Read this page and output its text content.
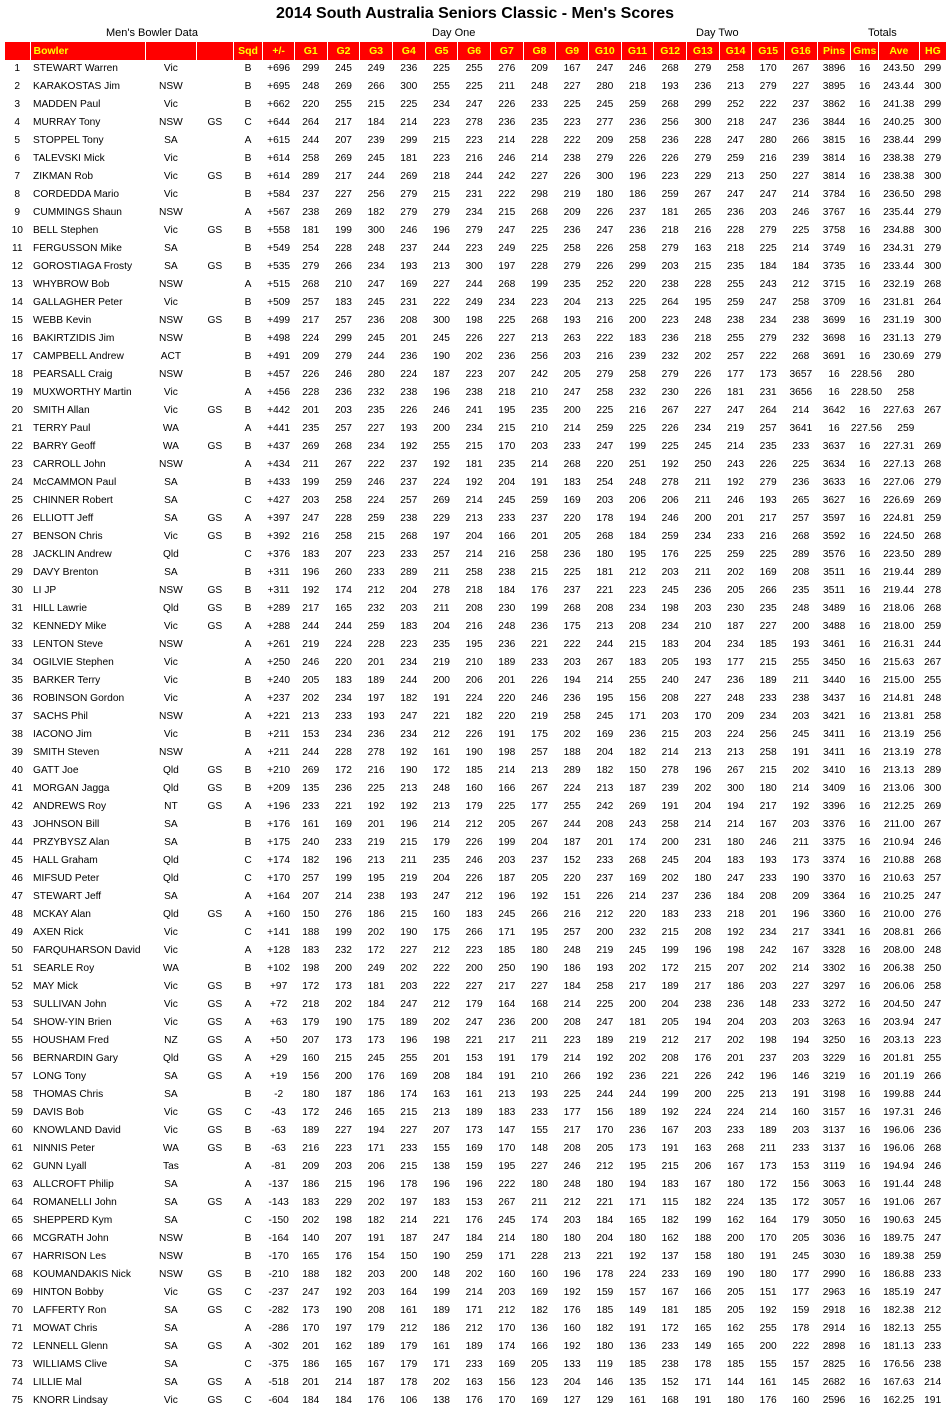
2014 South Australia Seniors Classic - Men's Scores
Men's Bowler Data	Day One	Day Two	Totals
	Bowler			Sqd	+/-	G1	G2	G3	G4	G5	G6	G7	G8	G9	G10	G11	G12	G13	G14	G15	G16	Pins	Gms	Ave	HG
1	STEWART Warren	Vic		B	+696	299	245	249	236	225	255	276	209	167	247	246	268	279	258	170	267	3896	16	243.50	299
2	KARAKOSTAS Jim	NSW		B	+695	248	269	266	300	255	225	211	248	227	280	218	193	236	213	279	227	3895	16	243.44	300
3	MADDEN Paul	Vic		B	+662	220	255	215	225	234	247	226	233	225	245	259	268	299	252	222	237	3862	16	241.38	299
4	MURRAY Tony	NSW	GS	C	+644	264	217	184	214	223	278	236	235	223	277	236	256	300	218	247	236	3844	16	240.25	300
5	STOPPEL Tony	SA		A	+615	244	207	239	299	215	223	214	228	222	209	258	236	228	247	280	266	3815	16	238.44	299
6	TALEVSKI Mick	Vic		B	+614	258	269	245	181	223	216	246	214	238	279	226	226	279	259	216	239	3814	16	238.38	279
7	ZIKMAN Rob	Vic	GS	B	+614	289	217	244	269	218	244	242	227	226	300	196	223	229	213	250	227	3814	16	238.38	300
8	CORDEDDA Mario	Vic		B	+584	237	227	256	279	215	231	222	298	219	180	186	259	267	247	247	214	3784	16	236.50	298
9	CUMMINGS Shaun	NSW		A	+567	238	269	182	279	279	234	215	268	209	226	237	181	265	236	203	246	3767	16	235.44	279
10	BELL Stephen	Vic	GS	B	+558	181	199	300	246	196	279	247	225	236	247	236	218	216	228	279	225	3758	16	234.88	300
11	FERGUSSON Mike	SA		B	+549	254	228	248	237	244	223	249	225	258	226	258	279	163	218	225	214	3749	16	234.31	279
12	GOROSTIAGA Frosty	SA	GS	B	+535	279	266	234	193	213	300	197	228	279	226	299	203	215	235	184	184	3735	16	233.44	300
13	WHYBROW Bob	NSW		A	+515	268	210	247	169	227	244	268	199	235	252	220	238	228	255	243	212	3715	16	232.19	268
14	GALLAGHER Peter	Vic		B	+509	257	183	245	231	222	249	234	223	204	213	225	264	195	259	247	258	3709	16	231.81	264
15	WEBB Kevin	NSW	GS	B	+499	217	257	236	208	300	198	225	268	193	216	200	223	248	238	234	238	3699	16	231.19	300
16	BAKIRTZIDIS Jim	NSW		B	+498	224	299	245	201	245	226	227	213	263	222	183	236	218	255	279	232	3698	16	231.13	279
17	CAMPBELL Andrew	ACT		B	+491	209	279	244	236	190	202	236	256	203	216	239	232	202	257	222	268	3691	16	230.69	279
18	PEARSALL Craig	NSW		B	+457	226	246	280	224	187	223	207	242	205	279	258	279	226	177	173	3657	16	228.56	280	
19	MUXWORTHY Martin	Vic		A	+456	228	236	232	238	196	238	218	210	247	258	232	230	226	181	231	3656	16	228.50	258	
20	SMITH Allan	Vic	GS	B	+442	201	203	235	226	246	241	195	235	200	225	216	267	227	247	264	214	3642	16	227.63	267
21	TERRY Paul	WA		A	+441	235	257	227	193	200	234	215	210	214	259	225	226	234	219	257	3641	16	227.56	259	
22	BARRY Geoff	WA	GS	B	+437	269	268	234	192	255	215	170	203	233	247	199	225	245	214	235	233	3637	16	227.31	269
23	CARROLL John	NSW		A	+434	211	267	222	237	192	181	235	214	268	220	251	192	250	243	226	225	3634	16	227.13	268
24	McCAMMON Paul	SA		B	+433	199	259	246	237	224	192	204	191	183	254	248	278	211	192	279	236	3633	16	227.06	279
25	CHINNER Robert	SA		C	+427	203	258	224	257	269	214	245	259	169	203	206	206	211	246	193	265	3627	16	226.69	269
26	ELLIOTT Jeff	SA	GS	A	+397	247	228	259	238	229	213	233	237	220	178	194	246	200	201	217	257	3597	16	224.81	259
27	BENSON Chris	Vic	GS	B	+392	216	258	215	268	197	204	166	201	205	268	184	259	234	233	216	268	3592	16	224.50	268
28	JACKLIN Andrew	Qld		C	+376	183	207	223	233	257	214	216	258	236	180	195	176	225	259	225	289	3576	16	223.50	289
29	DAVY Brenton	SA		B	+311	196	260	233	289	211	258	238	215	225	181	212	203	211	202	169	208	3511	16	219.44	289
30	LI JP	NSW	GS	B	+311	192	174	212	204	278	218	184	176	237	221	223	245	236	205	266	235	3511	16	219.44	278
31	HILL Lawrie	Qld	GS	B	+289	217	165	232	203	211	208	230	199	268	208	234	198	203	230	235	248	3489	16	218.06	268
32	KENNEDY Mike	Vic	GS	A	+288	244	244	259	183	204	216	248	236	175	213	208	234	210	187	227	200	3488	16	218.00	259
33	LENTON Steve	NSW		A	+261	219	224	228	223	235	195	236	221	222	244	215	183	204	234	185	193	3461	16	216.31	244
34	OGILVIE Stephen	Vic		A	+250	246	220	201	234	219	210	189	233	203	267	183	205	193	177	215	255	3450	16	215.63	267
35	BARKER Terry	Vic		B	+240	205	183	189	244	200	206	201	226	194	214	255	240	247	236	189	211	3440	16	215.00	255
36	ROBINSON Gordon	Vic		A	+237	202	234	197	182	191	224	220	246	236	195	156	208	227	248	233	238	3437	16	214.81	248
37	SACHS Phil	NSW		A	+221	213	233	193	247	221	182	220	219	258	245	171	203	170	209	234	203	3421	16	213.81	258
38	IACONO Jim	Vic		B	+211	153	234	236	234	212	226	191	175	202	169	236	215	203	224	256	245	3411	16	213.19	256
39	SMITH Steven	NSW		A	+211	244	228	278	192	161	190	198	257	188	204	182	214	213	213	258	191	3411	16	213.19	278
40	GATT Joe	Qld	GS	B	+210	269	172	216	190	172	185	214	213	289	182	150	278	196	267	215	202	3410	16	213.13	289
41	MORGAN Jagga	Qld	GS	B	+209	135	236	225	213	248	160	166	267	224	213	187	239	202	300	180	214	3409	16	213.06	300
42	ANDREWS Roy	NT	GS	A	+196	233	221	192	192	213	179	225	177	255	242	269	191	204	194	217	192	3396	16	212.25	269
43	JOHNSON Bill	SA		B	+176	161	169	201	196	214	212	205	267	244	208	243	258	214	214	167	203	3376	16	211.00	267
44	PRZYBYSZ Alan	SA		B	+175	240	233	219	215	179	226	199	204	187	201	174	200	231	180	246	211	3375	16	210.94	246
45	HALL Graham	Qld		C	+174	182	196	213	211	235	246	203	237	152	233	268	245	204	183	193	173	3374	16	210.88	268
46	MIFSUD Peter	Qld		C	+170	257	199	195	219	204	226	187	205	220	237	169	202	180	247	233	190	3370	16	210.63	257
47	STEWART Jeff	SA		A	+164	207	214	238	193	247	212	196	192	151	226	214	237	236	184	208	209	3364	16	210.25	247
48	MCKAY Alan	Qld	GS	A	+160	150	276	186	215	160	183	245	266	216	212	220	183	233	218	201	196	3360	16	210.00	276
49	AXEN Rick	Vic		C	+141	188	199	202	190	175	266	171	195	257	200	232	215	208	192	234	217	3341	16	208.81	266
50	FARQUHARSON David	Vic		A	+128	183	232	172	227	212	223	185	180	248	219	245	199	196	198	242	167	3328	16	208.00	248
51	SEARLE Roy	WA		B	+102	198	200	249	202	222	200	250	190	186	193	202	172	215	207	202	214	3302	16	206.38	250
52	MAY Mick	Vic	GS	B	+97	172	173	181	203	222	227	217	227	184	258	217	189	217	186	203	227	3297	16	206.06	258
53	SULLIVAN John	Vic	GS	A	+72	218	202	184	247	212	179	164	168	214	225	200	204	238	236	148	233	3272	16	204.50	247
54	SHOW-YIN Brien	Vic	GS	A	+63	179	190	175	189	202	247	236	200	208	247	181	205	194	204	203	203	3263	16	203.94	247
55	HOUSHAM Fred	NZ	GS	A	+50	207	173	173	196	198	221	217	211	223	189	219	212	217	202	198	194	3250	16	203.13	223
56	BERNARDIN Gary	Qld	GS	A	+29	160	215	245	255	201	153	191	179	214	192	202	208	176	201	237	203	3229	16	201.81	255
57	LONG Tony	SA	GS	A	+19	156	200	176	169	208	184	191	210	266	192	236	221	226	242	196	146	3219	16	201.19	266
58	THOMAS Chris	SA		B	-2	180	187	186	174	163	161	213	193	225	244	244	199	200	225	213	191	3198	16	199.88	244
59	DAVIS Bob	Vic	GS	C	-43	172	246	165	215	213	189	183	233	177	156	189	192	224	224	214	160	3157	16	197.31	246
60	KNOWLAND David	Vic	GS	B	-63	189	227	194	227	207	173	147	155	217	170	236	167	203	233	189	203	3137	16	196.06	236
61	NINNIS Peter	WA	GS	B	-63	216	223	171	233	155	169	170	148	208	205	173	191	163	268	211	233	3137	16	196.06	268
62	GUNN Lyall	Tas		A	-81	209	203	206	215	138	159	195	227	246	212	195	215	206	167	173	153	3119	16	194.94	246
63	ALLCROFT Philip	SA		A	-137	186	215	196	178	196	196	222	180	248	180	194	183	167	180	172	156	3063	16	191.44	248
64	ROMANELLI John	SA	GS	A	-143	183	229	202	197	183	153	267	211	212	221	171	115	182	224	135	172	3057	16	191.06	267
65	SHEPPERD Kym	SA		C	-150	202	198	182	214	221	176	245	174	203	184	165	182	199	162	164	179	3050	16	190.63	245
66	MCGRATH John	NSW		B	-164	140	207	191	187	247	184	214	180	180	204	180	162	188	200	170	205	3036	16	189.75	247
67	HARRISON Les	NSW		B	-170	165	176	154	150	190	259	171	228	213	221	192	137	158	180	191	245	3030	16	189.38	259
68	KOUMANDAKIS Nick	NSW	GS	B	-210	188	182	203	200	148	202	160	160	196	178	224	233	169	190	180	177	2990	16	186.88	233
69	HINTON Bobby	Vic	GS	C	-237	247	192	203	164	199	214	203	169	192	159	157	167	166	205	151	177	2963	16	185.19	247
70	LAFFERTY Ron	SA	GS	C	-282	173	190	208	161	189	171	212	182	176	185	149	181	185	205	192	159	2918	16	182.38	212
71	MOWAT Chris	SA		A	-286	170	197	179	212	186	212	170	136	160	182	191	172	165	162	255	178	2914	16	182.13	255
72	LENNELL Glenn	SA	GS	A	-302	201	162	189	179	161	189	174	166	192	180	136	233	149	165	200	222	2898	16	181.13	233
73	WILLIAMS Clive	SA		C	-375	186	165	167	179	171	233	169	205	133	119	185	238	178	185	155	157	2825	16	176.56	238
74	LILLIE Mal	SA	GS	A	-518	201	214	187	178	202	163	156	123	204	146	135	152	171	144	161	145	2682	16	167.63	214
75	KNORR Lindsay	Vic	GS	C	-604	184	184	176	106	138	176	170	169	127	129	161	168	191	180	176	160	2596	16	162.25	191
